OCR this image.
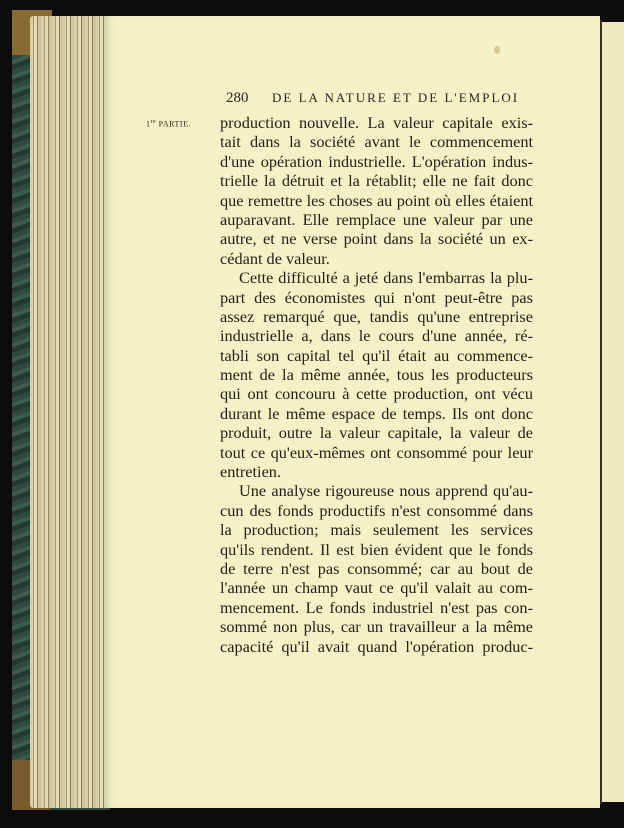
280 DE LA NATURE ET DE L'EMPLOI
1re PARTIE. production nouvelle. La valeur capitale exis-
tait dans la société avant le commencement
d'une opération industrielle. L'opération indus-
trielle la détruit et la rétablit; elle ne fait donc
que remettre les choses au point où elles étaient
auparavant. Elle remplace une valeur par une
autre, et ne verse point dans la société un ex-
cédant de valeur.
Cette difficulté a jeté dans l'embarras la plu-
part des économistes qui n'ont peut-être pas
assez remarqué que, tandis qu'une entreprise
industrielle a, dans le cours d'une année, ré-
tabli son capital tel qu'il était au commence-
ment de la même année, tous les producteurs
qui ont concouru à cette production, ont vécu
durant le même espace de temps. Ils ont donc
produit, outre la valeur capitale, la valeur de
tout ce qu'eux-mêmes ont consommé pour leur
entretien.
Une analyse rigoureuse nous apprend qu'au-
cun des fonds productifs n'est consommé dans
la production; mais seulement les services
qu'ils rendent. Il est bien évident que le fonds
de terre n'est pas consommé; car au bout de
l'année un champ vaut ce qu'il valait au com-
mencement. Le fonds industriel n'est pas con-
sommé non plus, car un travailleur a la même
capacité qu'il avait quand l'opération produc-
